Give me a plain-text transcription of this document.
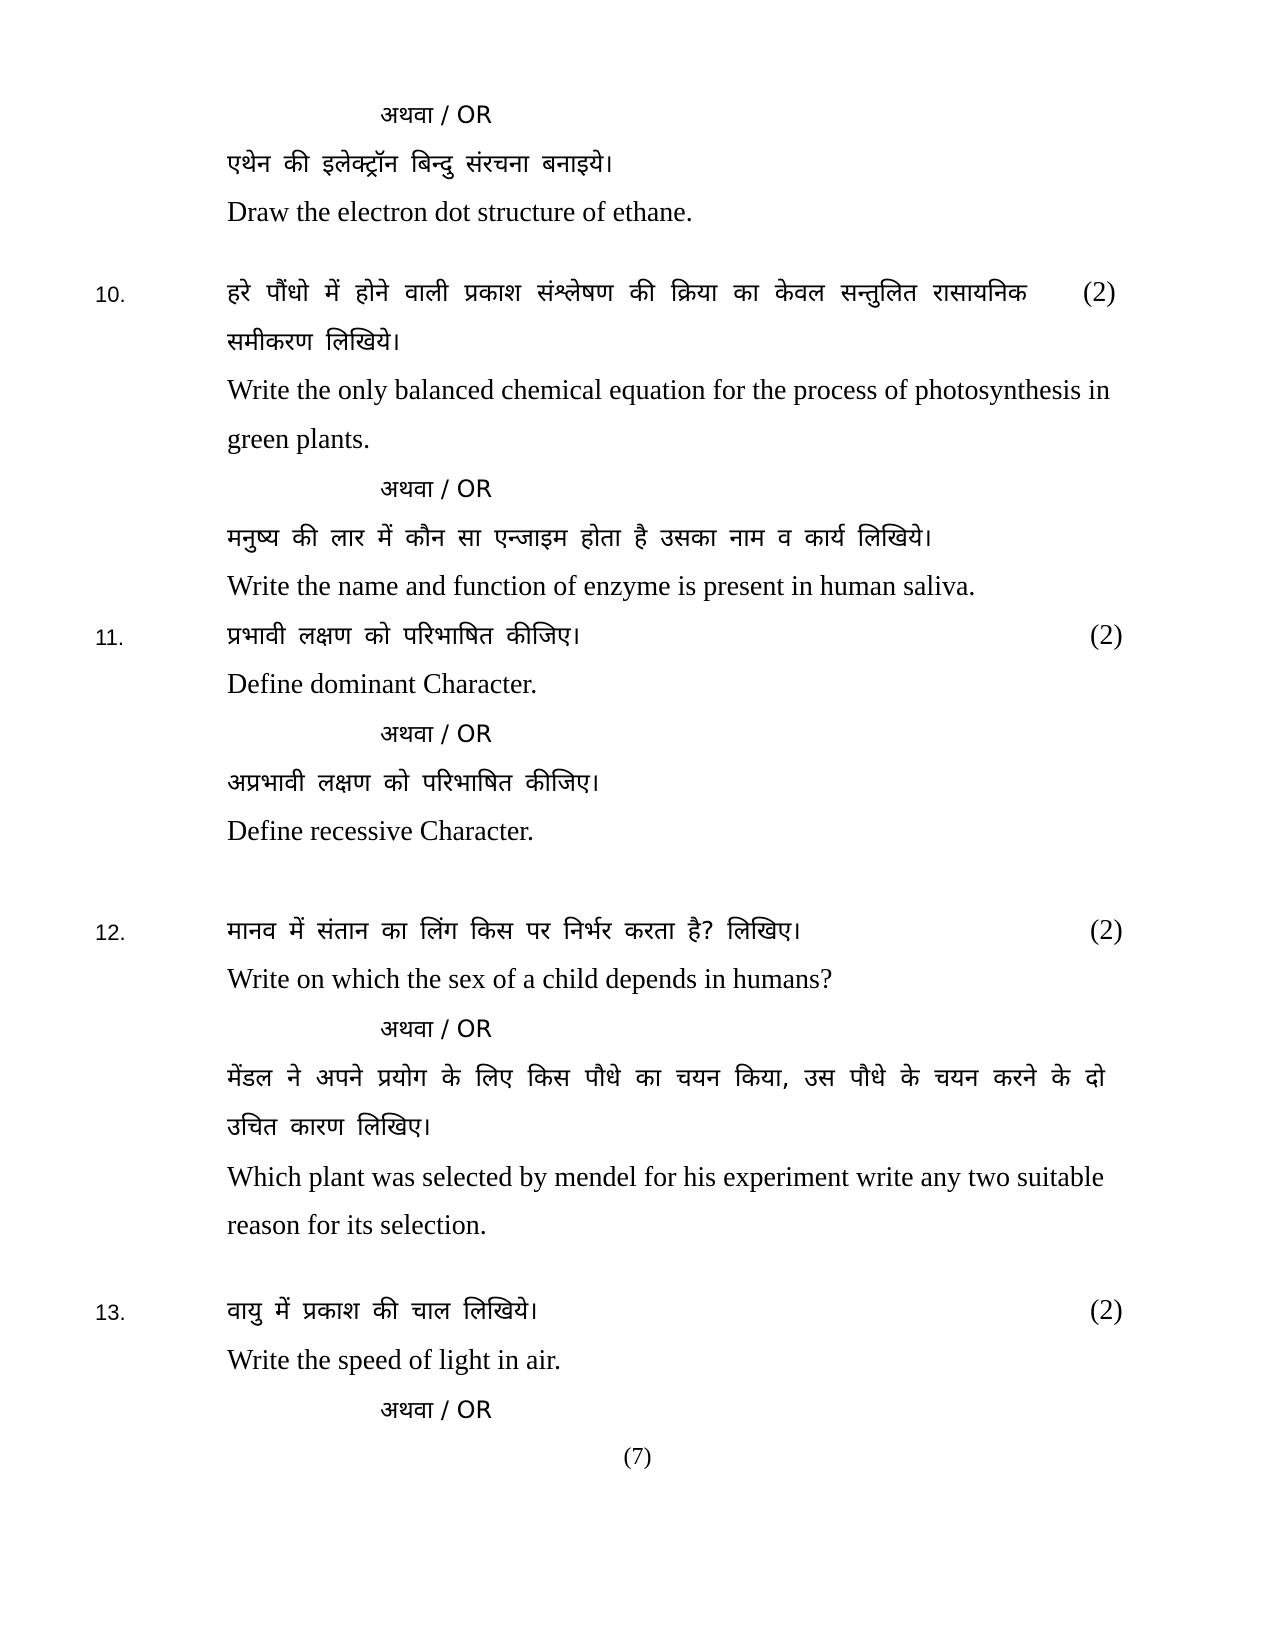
अथवा / OR
एथेन की इलेक्ट्रॉन बिन्दु संरचना बनाइये।
Draw the electron dot structure of ethane.
10.	हरे पौंधो में होने वाली प्रकाश संश्लेषण की क्रिया का केवल सन्तुलित रासायनिक (2)
समीकरण लिखिये।
Write the only balanced chemical equation for the process of photosynthesis in
green plants.
अथवा / OR
मनुष्य की लार में कौन सा एन्जाइम होता है उसका नाम व कार्य लिखिये।
Write the name and function of enzyme is present in human saliva.
11.	प्रभावी लक्षण को परिभाषित कीजिए।	(2)
Define dominant Character.
अथवा / OR
अप्रभावी लक्षण को परिभाषित कीजिए।
Define recessive Character.
12.	मानव में संतान का लिंग किस पर निर्भर करता है? लिखिए।	(2)
Write on which the sex of a child depends in humans?
अथवा / OR
मेंडल ने अपने प्रयोग के लिए किस पौधे का चयन किया, उस पौधे के चयन करने के दो
उचित कारण लिखिए।
Which plant was selected by mendel for his experiment write any two suitable
reason for its selection.
13.	वायु में प्रकाश की चाल लिखिये।	(2)
Write the speed of light in air.
अथवा / OR
(7)
